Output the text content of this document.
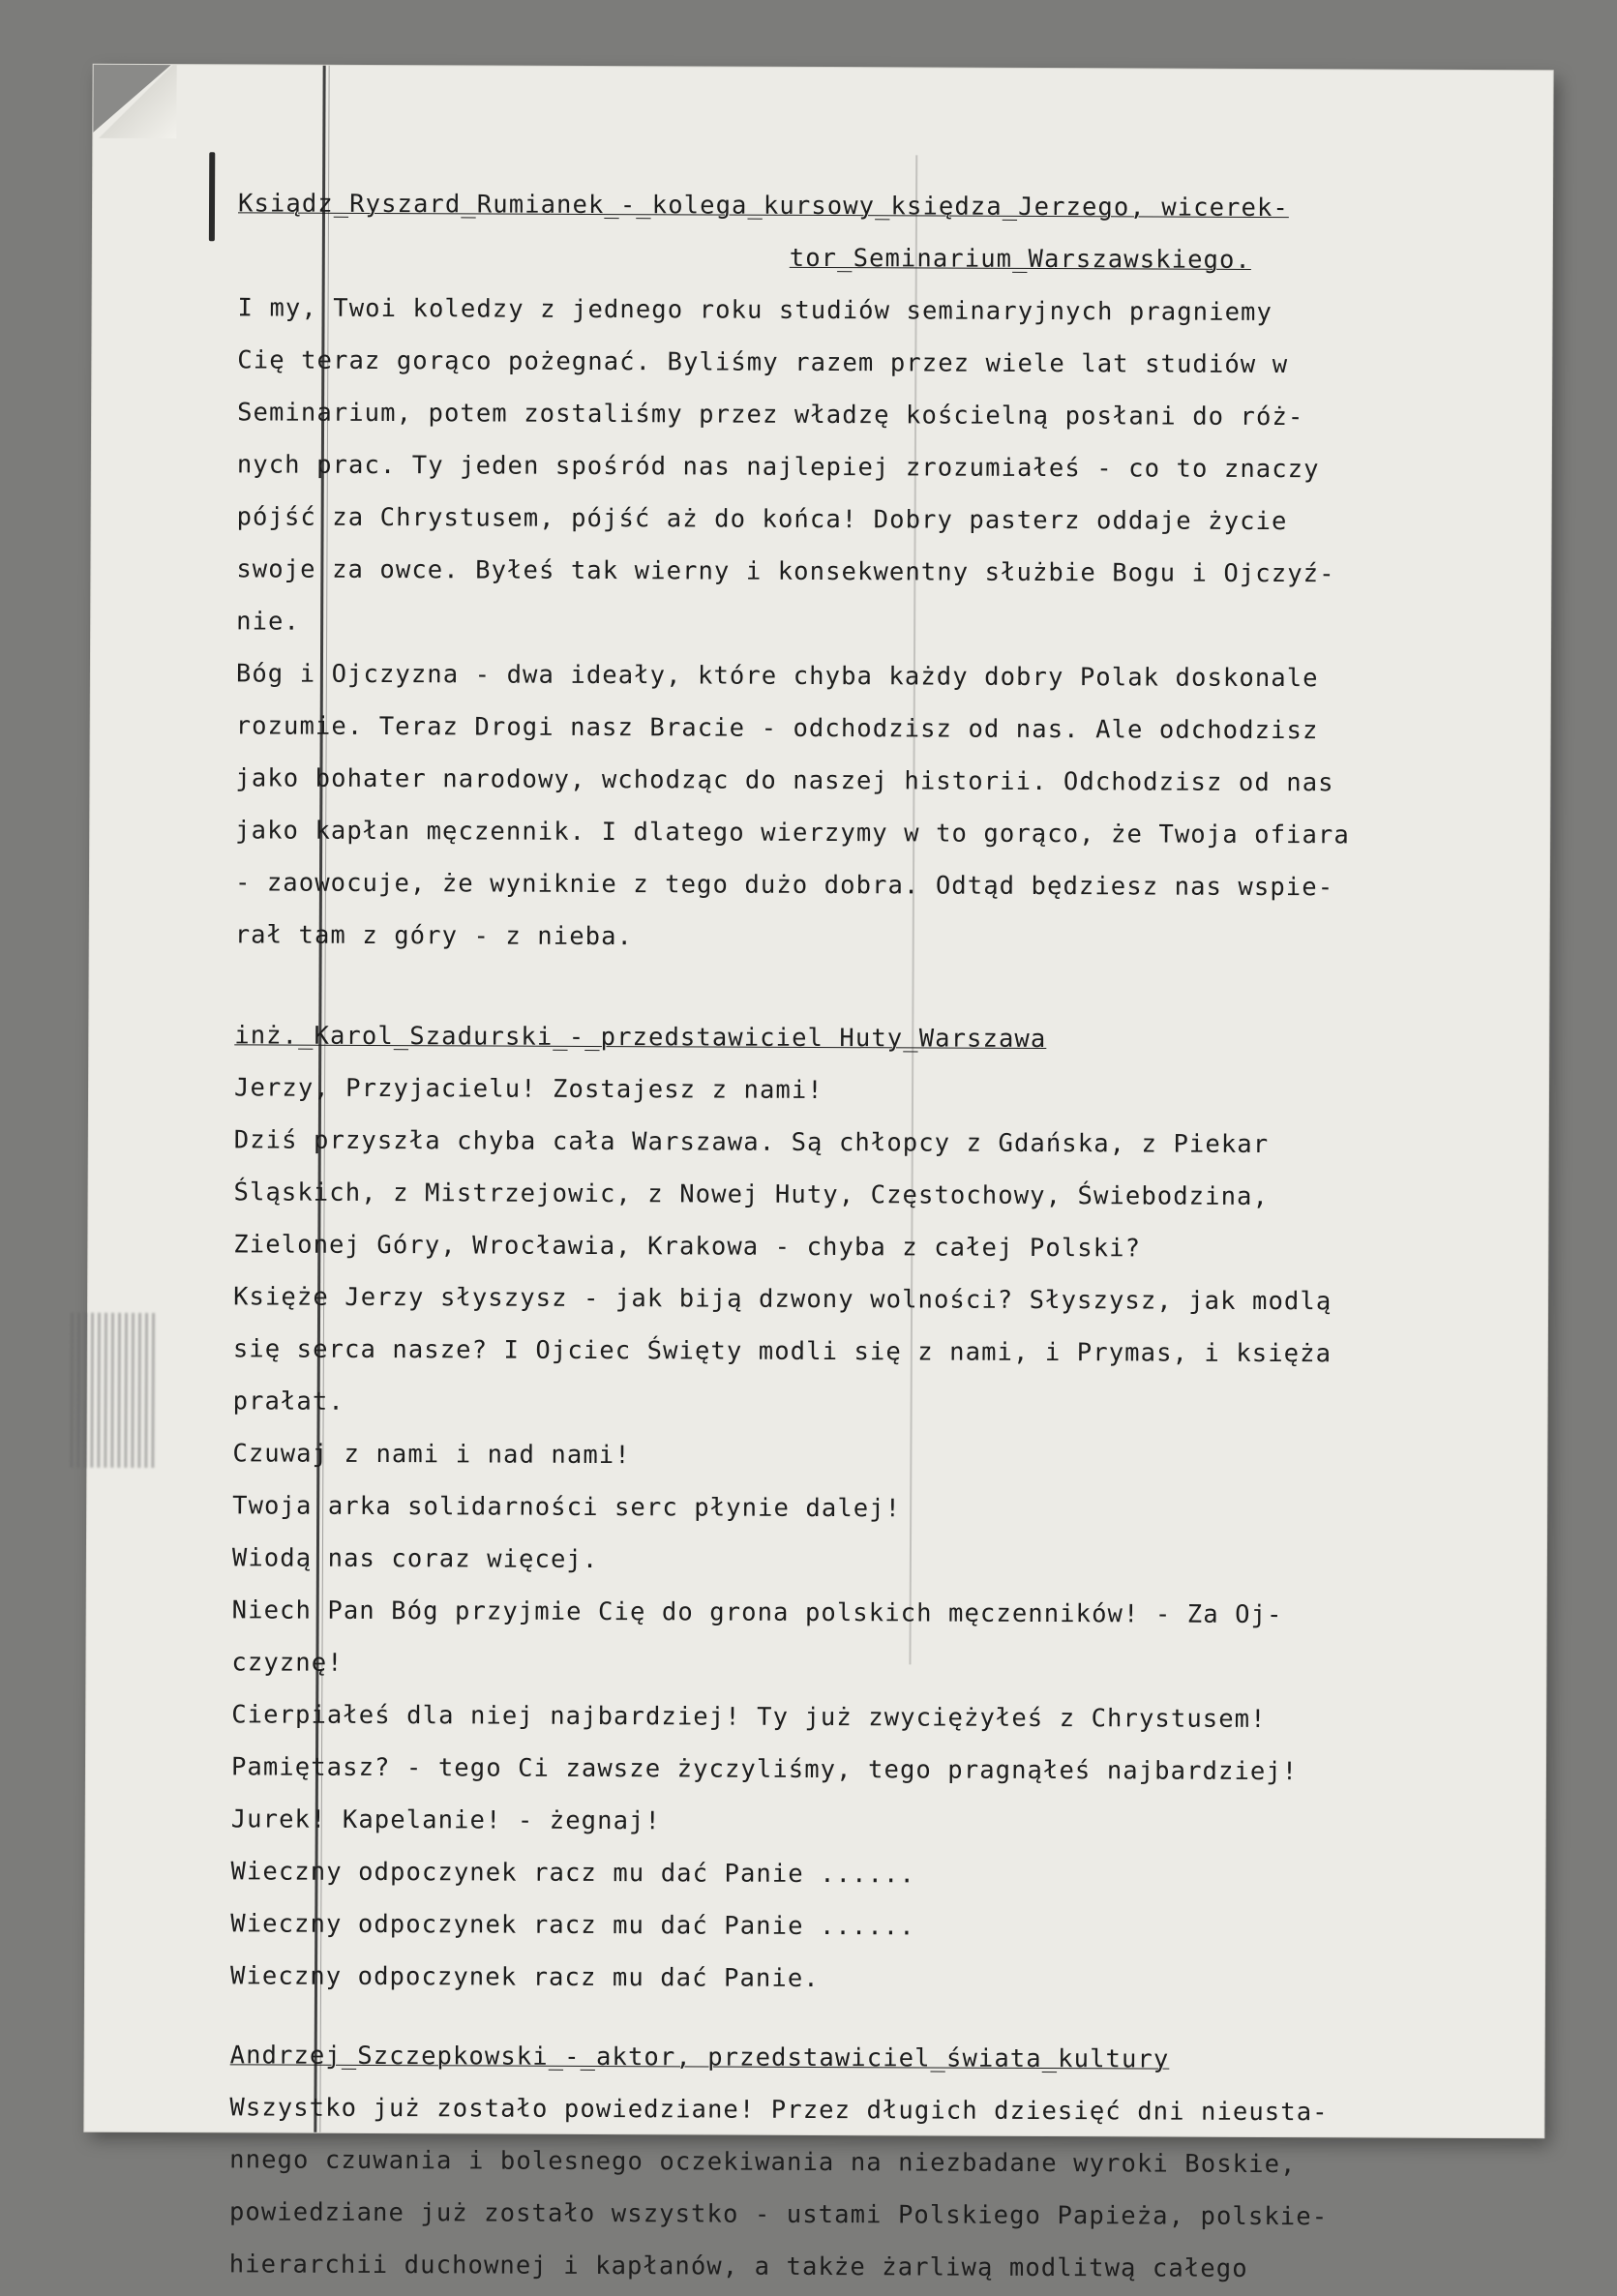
Ksiądz_Ryszard_Rumianek_-_kolega_kursowy_księdza_Jerzego, wicerek-
tor_Seminarium_Warszawskiego.
I my, Twoi koledzy z jednego roku studiów seminaryjnych pragniemy
Cię teraz gorąco pożegnać. Byliśmy razem przez wiele lat studiów w
Seminarium, potem zostaliśmy przez władzę kościelną posłani do róż-
nych prac. Ty jeden spośród nas najlepiej zrozumiałeś - co to znaczy
pójść za Chrystusem, pójść aż do końca! Dobry pasterz oddaje życie
swoje za owce. Byłeś tak wierny i konsekwentny służbie Bogu i Ojczyź-
nie.
Bóg i Ojczyzna - dwa ideały, które chyba każdy dobry Polak doskonale
rozumie. Teraz Drogi nasz Bracie - odchodzisz od nas. Ale odchodzisz
jako bohater narodowy, wchodząc do naszej historii. Odchodzisz od nas
jako kapłan męczennik. I dlatego wierzymy w to gorąco, że Twoja ofiara
- zaowocuje, że wyniknie z tego dużo dobra. Odtąd będziesz nas wspie-
rał tam z góry - z nieba.
inż._Karol_Szadurski_-_przedstawiciel Huty_Warszawa
Jerzy, Przyjacielu! Zostajesz z nami!
Dziś przyszła chyba cała Warszawa. Są chłopcy z Gdańska, z Piekar
Śląskich, z Mistrzejowic, z Nowej Huty, Częstochowy, Świebodzina,
Zielonej Góry, Wrocławia, Krakowa - chyba z całej Polski?
Księże Jerzy słyszysz - jak biją dzwony wolności? Słyszysz, jak modlą
się serca nasze? I Ojciec Święty modli się z nami, i Prymas, i księża
prałat.
Czuwaj z nami i nad nami!
Twoja arka solidarności serc płynie dalej!
Wiodą nas coraz więcej.
Niech Pan Bóg przyjmie Cię do grona polskich męczenników! - Za Oj-
czyznę!
Cierpiałeś dla niej najbardziej! Ty już zwyciężyłeś z Chrystusem!
Pamiętasz? - tego Ci zawsze życzyliśmy, tego pragnąłeś najbardziej!
Jurek! Kapelanie! - żegnaj!
Wieczny odpoczynek racz mu dać Panie ......
Wieczny odpoczynek racz mu dać Panie ......
Wieczny odpoczynek racz mu dać Panie.
Andrzej_Szczepkowski_-_aktor, przedstawiciel_świata_kultury
Wszystko już zostało powiedziane! Przez długich dziesięć dni nieusta-
nnego czuwania i bolesnego oczekiwania na niezbadane wyroki Boskie,
powiedziane już zostało wszystko - ustami Polskiego Papieża, polskie-
hierarchii duchownej i kapłanów, a także żarliwą modlitwą całego
